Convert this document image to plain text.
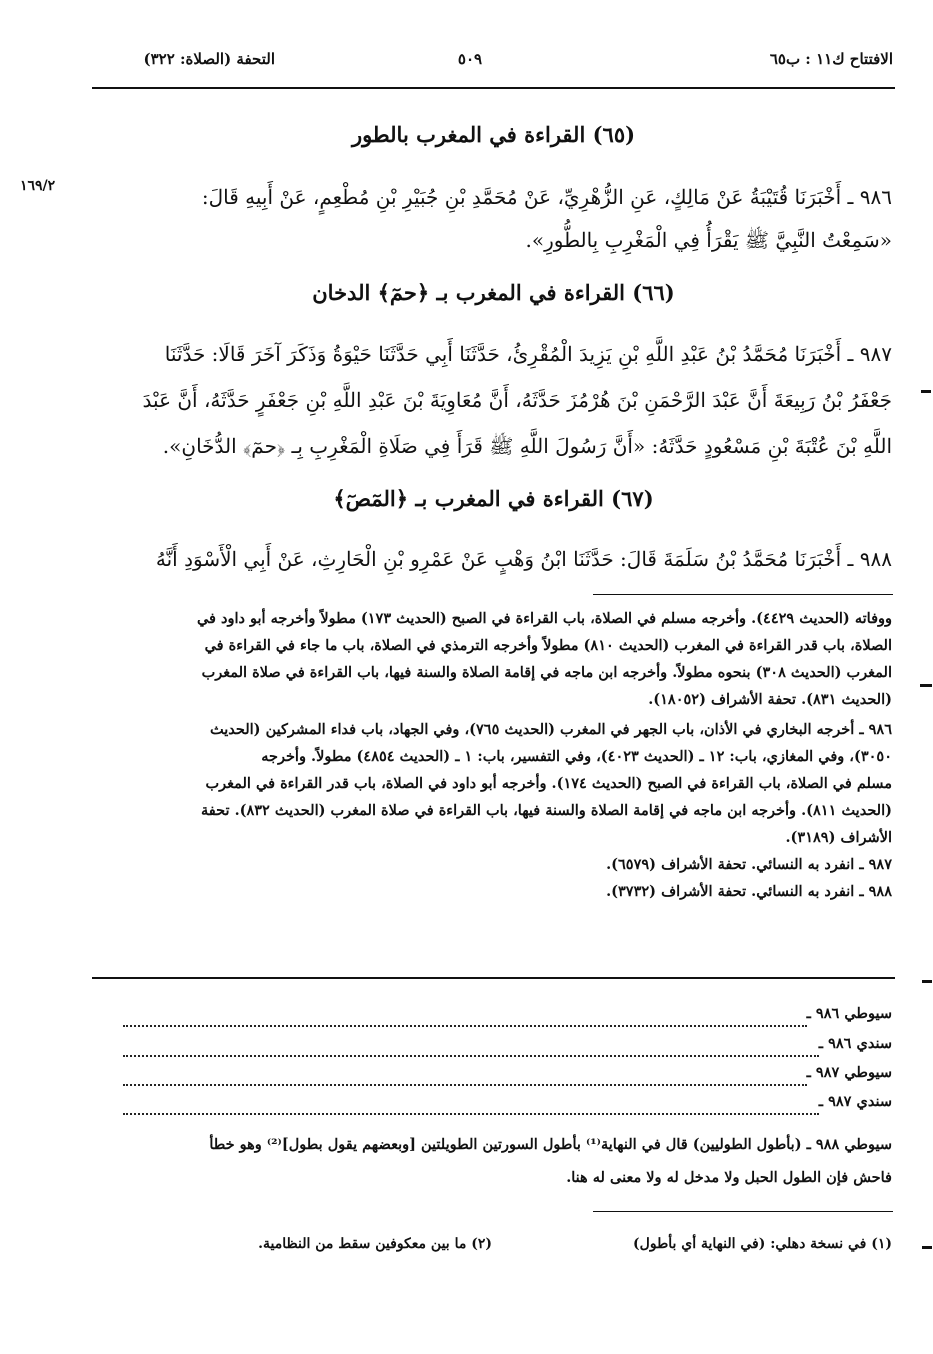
الافتتاح ك١١ : ب٦٥
٥٠٩
التحفة (الصلاة: ٣٢٢)
١٦٩/٢
(٦٥) القراءة في المغرب بالطور
٩٨٦ ـ أَخْبَرَنَا قُتَيْبَةُ عَنْ مَالِكٍ، عَنِ الزُّهْرِيِّ، عَنْ مُحَمَّدِ بْنِ جُبَيْرِ بْنِ مُطْعِمٍ، عَنْ أَبِيهِ قَالَ:
«سَمِعْتُ النَّبِيَّ ﷺ يَقْرَأُ فِي الْمَغْرِبِ بِالطُّورِ».
(٦٦) القراءة في المغرب بـ ﴿حمٓ﴾ الدخان
٩٨٧ ـ أَخْبَرَنَا مُحَمَّدُ بْنُ عَبْدِ اللَّهِ بْنِ يَزِيدَ الْمُقْرِئُ، حَدَّثَنَا أَبِي حَدَّثَنَا حَيْوَةُ وَذَكَرَ آخَرَ قَالَا: حَدَّثَنَا
جَعْفَرُ بْنُ رَبِيعَةَ أَنَّ عَبْدَ الرَّحْمَنِ بْنَ هُرْمُزَ حَدَّثَهُ، أَنَّ مُعَاوِيَةَ بْنَ عَبْدِ اللَّهِ بْنِ جَعْفَرٍ حَدَّثَهُ، أَنَّ عَبْدَ
اللَّهِ بْنَ عُتْبَةَ بْنِ مَسْعُودٍ حَدَّثَهُ: «أَنَّ رَسُولَ اللَّهِ ﷺ قَرَأَ فِي صَلَاةِ الْمَغْرِبِ بِـ ﴿حمٓ﴾ الدُّخَانِ».
(٦٧) القراءة في المغرب بـ ﴿المٓصٓ﴾
٩٨٨ ـ أَخْبَرَنَا مُحَمَّدُ بْنُ سَلَمَةَ قَالَ: حَدَّثَنَا ابْنُ وَهْبٍ عَنْ عَمْرِو بْنِ الْحَارِثِ، عَنْ أَبِي الْأَسْوَدِ أَنَّهُ
ووفاته (الحديث ٤٤٢٩). وأخرجه مسلم في الصلاة، باب القراءة في الصبح (الحديث ١٧٣) مطولاً وأخرجه أبو داود في
الصلاة، باب قدر القراءة في المغرب (الحديث ٨١٠) مطولاً وأخرجه الترمذي في الصلاة، باب ما جاء في القراءة في
المغرب (الحديث ٣٠٨) بنحوه مطولاً. وأخرجه ابن ماجه في إقامة الصلاة والسنة فيها، باب القراءة في صلاة المغرب
(الحديث ٨٣١). تحفة الأشراف (١٨٠٥٢).
٩٨٦ ـ أخرجه البخاري في الأذان، باب الجهر في المغرب (الحديث ٧٦٥)، وفي الجهاد، باب فداء المشركين (الحديث
٣٠٥٠)، وفي المغازي، باب: ١٢ ـ (الحديث ٤٠٢٣)، وفي التفسير، باب: ١ ـ (الحديث ٤٨٥٤) مطولاً. وأخرجه
مسلم في الصلاة، باب القراءة في الصبح (الحديث ١٧٤). وأخرجه أبو داود في الصلاة، باب قدر القراءة في المغرب
(الحديث ٨١١). وأخرجه ابن ماجه في إقامة الصلاة والسنة فيها، باب القراءة في صلاة المغرب (الحديث ٨٣٢). تحفة
الأشراف (٣١٨٩).
٩٨٧ ـ انفرد به النسائي. تحفة الأشراف (٦٥٧٩).
٩٨٨ ـ انفرد به النسائي. تحفة الأشراف (٣٧٣٢).
سيوطي ٩٨٦ ـ
سندي ٩٨٦ ـ
سيوطي ٩٨٧ ـ
سندي ٩٨٧ ـ
سيوطي ٩٨٨ ـ (بأطول الطوليين) قال في النهاية⁽¹⁾ بأطول السورتين الطويلتين [وبعضهم يقول بطول]⁽²⁾ وهو خطأ
فاحش فإن الطول الحبل ولا مدخل له ولا معنى له هنا.
(١) في نسخة دهلي: (في النهاية أي بأطول)
(٢) ما بين معكوفين سقط من النظامية.
